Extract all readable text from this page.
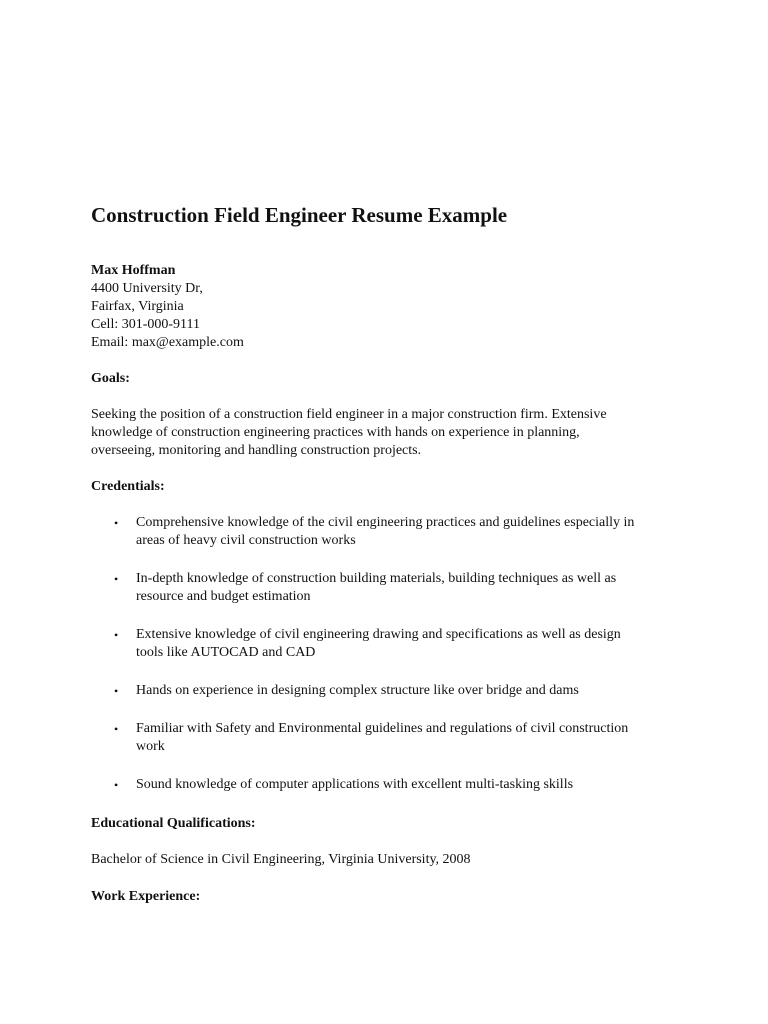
Construction Field Engineer Resume Example
Max Hoffman
4400 University Dr,
Fairfax, Virginia
Cell: 301-000-9111
Email: max@example.com
Goals:
Seeking the position of a construction field engineer in a major construction firm. Extensive
knowledge of construction engineering practices with hands on experience in planning,
overseeing, monitoring and handling construction projects.
Credentials:
• Comprehensive knowledge of the civil engineering practices and guidelines especially in
areas of heavy civil construction works
• In-depth knowledge of construction building materials, building techniques as well as
resource and budget estimation
• Extensive knowledge of civil engineering drawing and specifications as well as design
tools like AUTOCAD and CAD
• Hands on experience in designing complex structure like over bridge and dams
• Familiar with Safety and Environmental guidelines and regulations of civil construction
work
• Sound knowledge of computer applications with excellent multi-tasking skills
Educational Qualifications:
Bachelor of Science in Civil Engineering, Virginia University, 2008
Work Experience:
